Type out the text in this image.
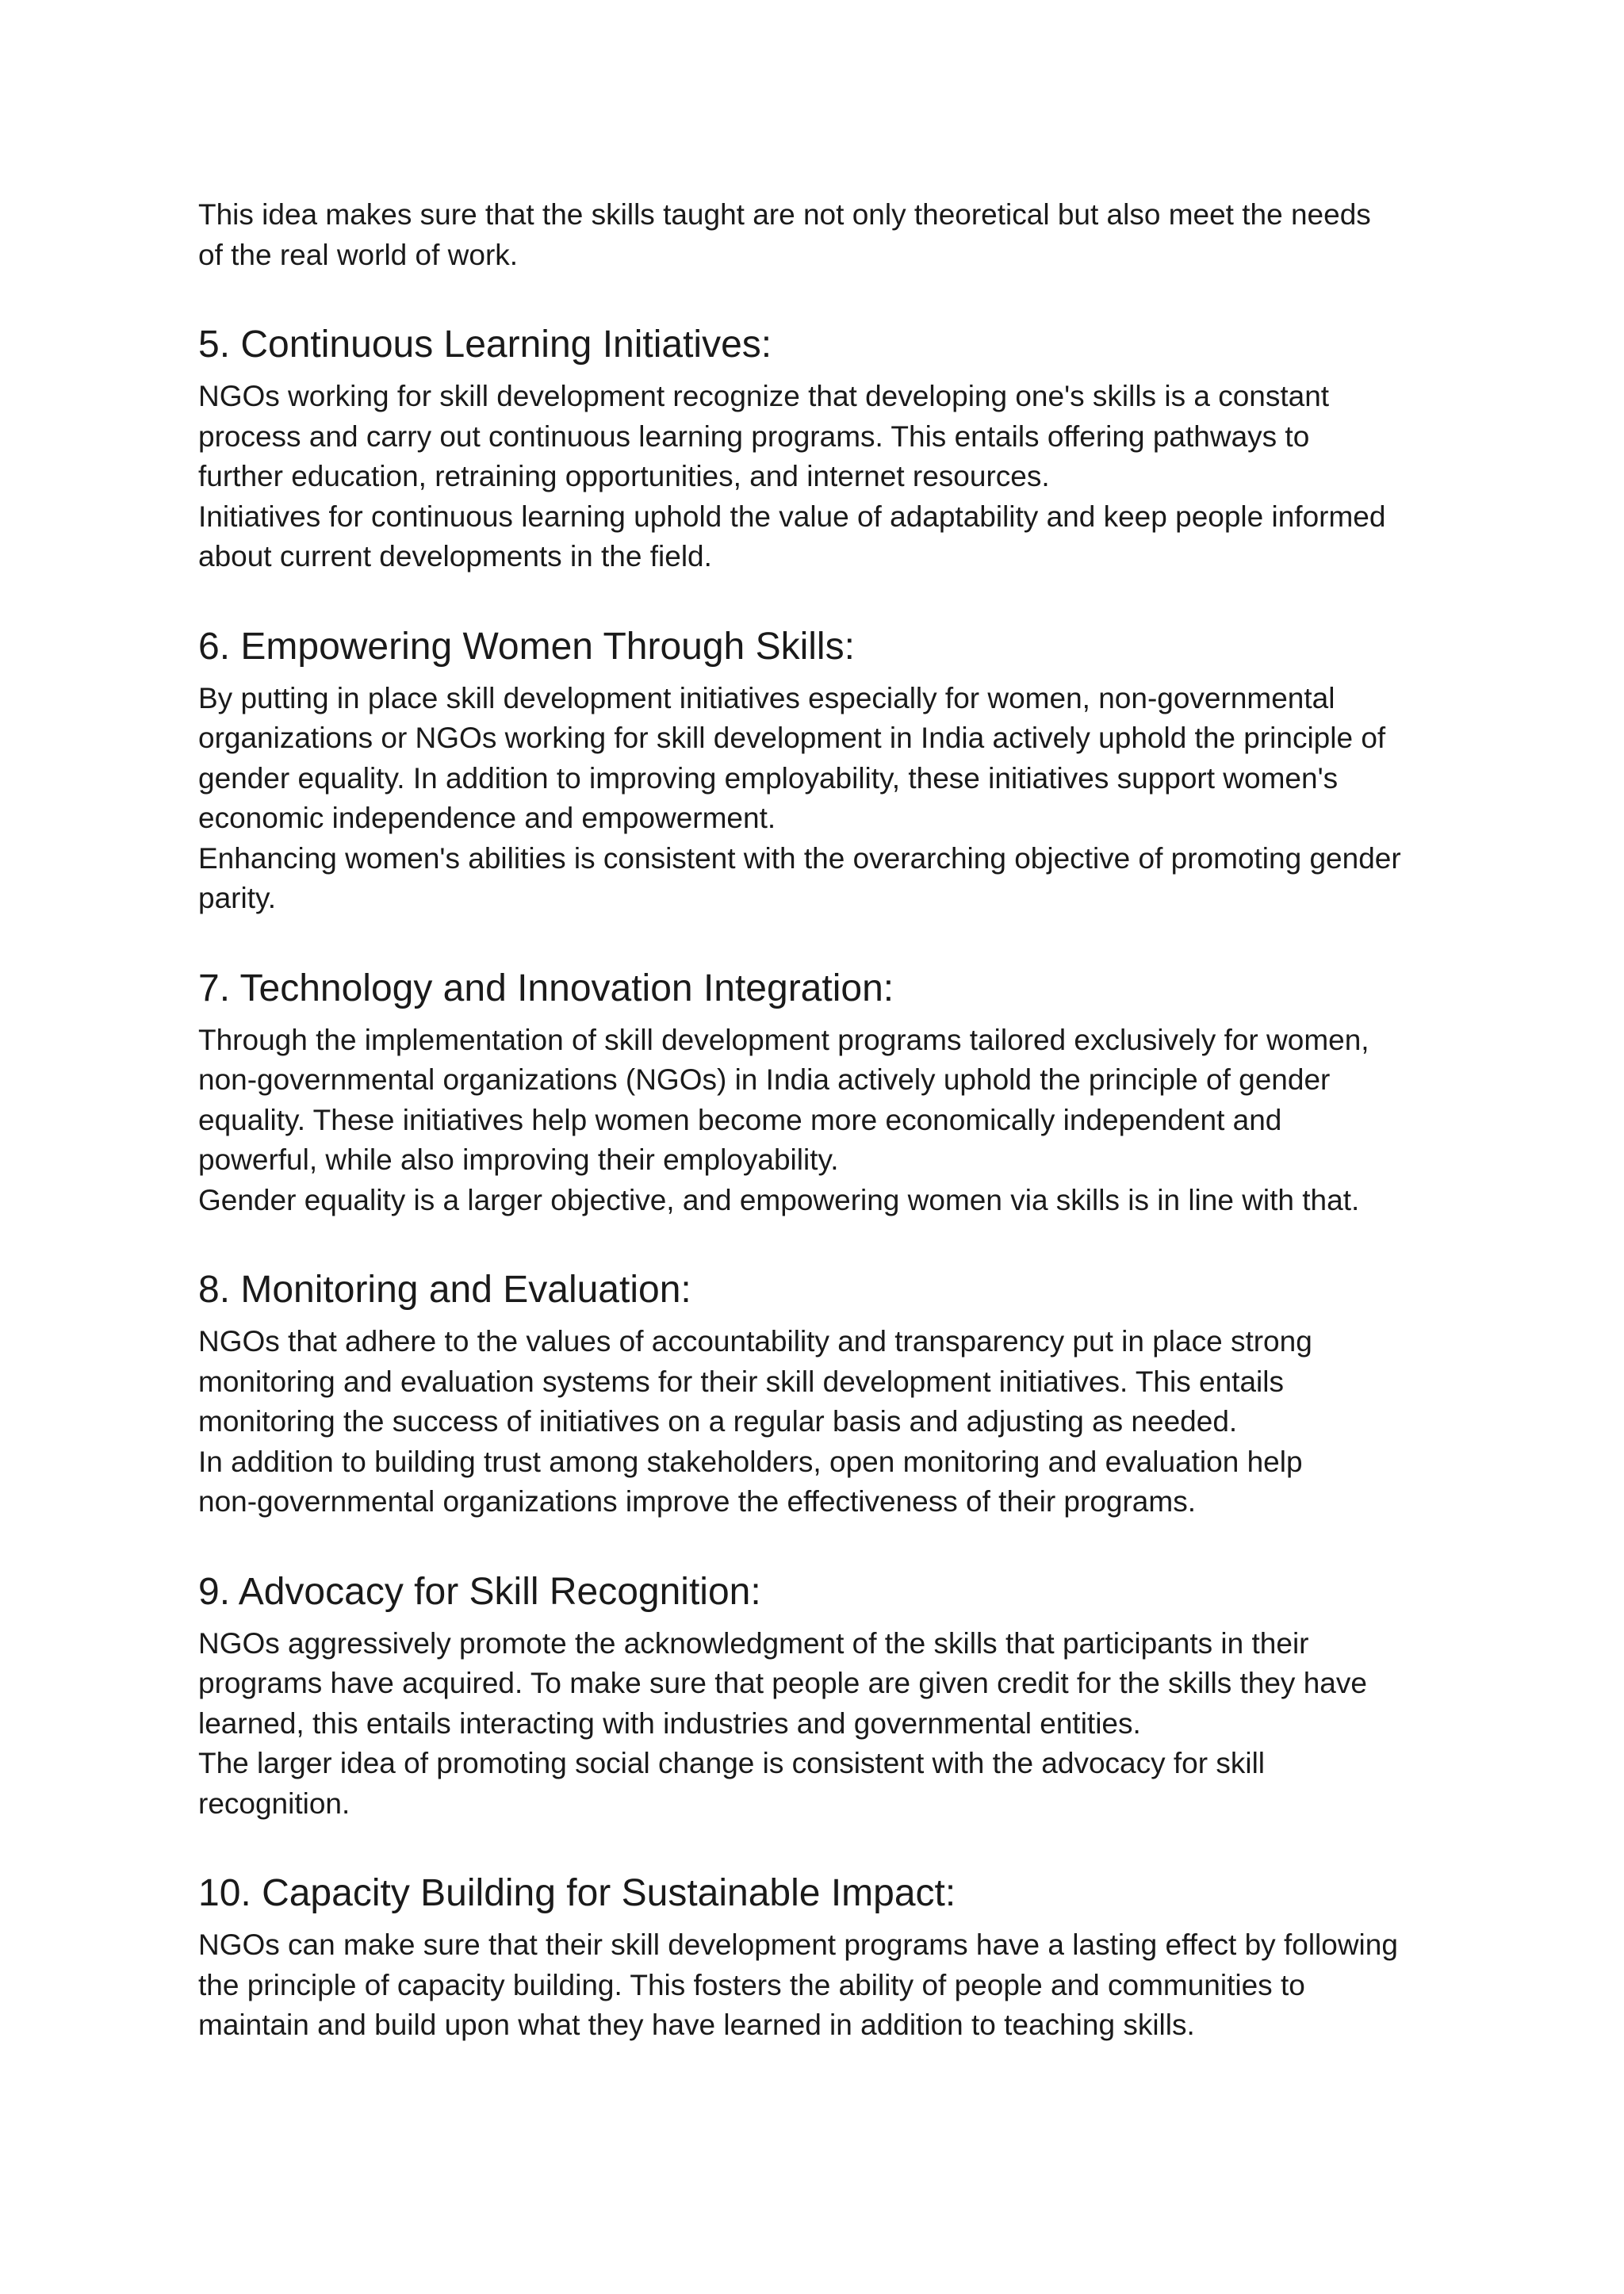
This idea makes sure that the skills taught are not only theoretical but also meet the needs

of the real world of work.

5. Continuous Learning Initiatives:

NGOs working for skill development recognize that developing one's skills is a constant

process and carry out continuous learning programs. This entails offering pathways to

further education, retraining opportunities, and internet resources.

Initiatives for continuous learning uphold the value of adaptability and keep people informed

about current developments in the field.

6. Empowering Women Through Skills:

By putting in place skill development initiatives especially for women, non-governmental

organizations or NGOs working for skill development in India actively uphold the principle of

gender equality. In addition to improving employability, these initiatives support women's

economic independence and empowerment.

Enhancing women's abilities is consistent with the overarching objective of promoting gender

parity.

7. Technology and Innovation Integration:

Through the implementation of skill development programs tailored exclusively for women,

non-governmental organizations (NGOs) in India actively uphold the principle of gender

equality. These initiatives help women become more economically independent and

powerful, while also improving their employability.

Gender equality is a larger objective, and empowering women via skills is in line with that.

8. Monitoring and Evaluation:

NGOs that adhere to the values of accountability and transparency put in place strong

monitoring and evaluation systems for their skill development initiatives. This entails

monitoring the success of initiatives on a regular basis and adjusting as needed.

In addition to building trust among stakeholders, open monitoring and evaluation help

non-governmental organizations improve the effectiveness of their programs.

9. Advocacy for Skill Recognition:

NGOs aggressively promote the acknowledgment of the skills that participants in their

programs have acquired. To make sure that people are given credit for the skills they have

learned, this entails interacting with industries and governmental entities.

The larger idea of promoting social change is consistent with the advocacy for skill

recognition.

10. Capacity Building for Sustainable Impact:

NGOs can make sure that their skill development programs have a lasting effect by following

the principle of capacity building. This fosters the ability of people and communities to

maintain and build upon what they have learned in addition to teaching skills.
